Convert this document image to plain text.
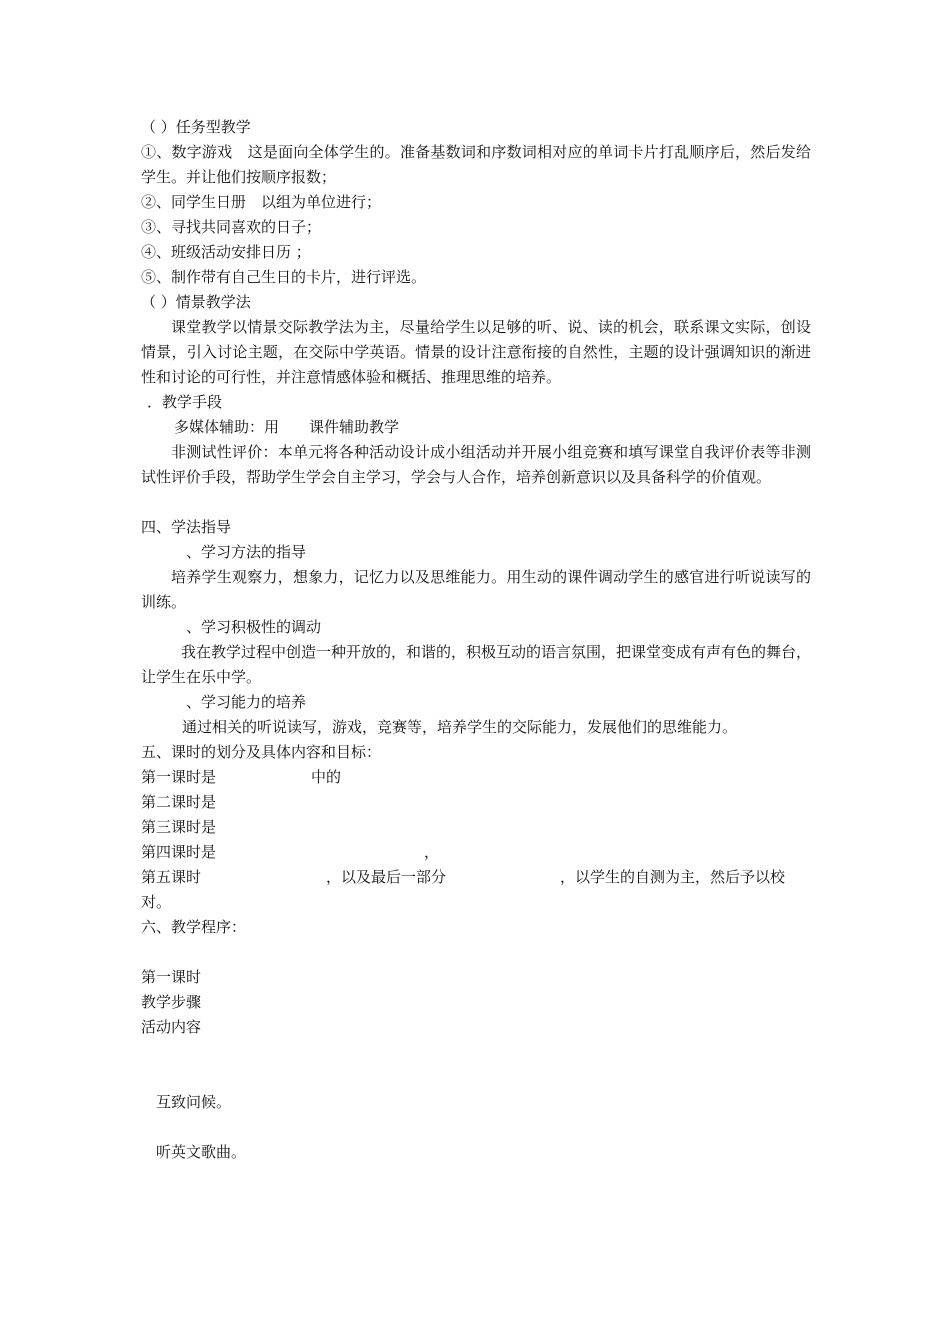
（ ）任务型教学

①、数字游戏　这是面向全体学生的。准备基数词和序数词相对应的单词卡片打乱顺序后，然后发给学生。并让他们按顺序报数；

②、同学生日册　以组为单位进行；
③、寻找共同喜欢的日子；
④、班级活动安排日历 ；
⑤、制作带有自己生日的卡片，进行评选。
（ ）情景教学法

课堂教学以情景交际教学法为主，尽量给学生以足够的听、说、读的机会，联系课文实际，创设情景，引入讨论主题，在交际中学英语。情景的设计注意衔接的自然性，主题的设计强调知识的渐进性和讨论的可行性，并注意情感体验和概括、推理思维的培养。

．教学手段
多媒体辅助：用　　课件辅助教学

非测试性评价：本单元将各种活动设计成小组活动并开展小组竞赛和填写课堂自我评价表等非测试性评价手段，帮助学生学会自主学习，学会与人合作，培养创新意识以及具备科学的价值观。

四、学法指导
、学习方法的指导

培养学生观察力，想象力，记忆力以及思维能力。用生动的课件调动学生的感官进行听说读写的训练。

、学习积极性的调动

我在教学过程中创造一种开放的，和谐的，积极互动的语言氛围，把课堂变成有声有色的舞台，让学生在乐中学。

、学习能力的培养
通过相关的听说读写，游戏，竞赛等，培养学生的交际能力，发展他们的思维能力。
五、课时的划分及具体内容和目标：
第一课时是	中的
第二课时是
第三课时是
第四课时是	，
第五课时	，以及最后一部分	，以学生的自测为主，然后予以校
对。
六、教学程序：
第一课时
教学步骤
活动内容
互致问候。
听英文歌曲。
